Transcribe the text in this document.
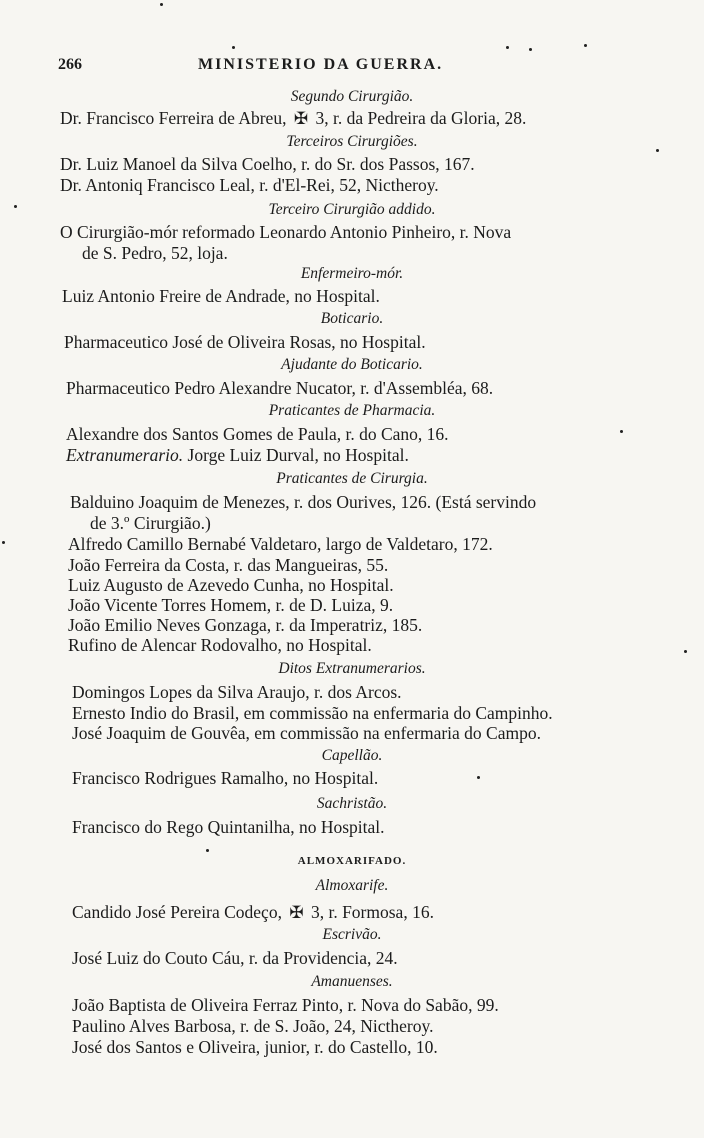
266	MINISTERIO DA GUERRA.
Segundo Cirurgião.
Dr. Francisco Ferreira de Abreu, ✠ 3, r. da Pedreira da Gloria, 28.
Terceiros Cirurgiões.
Dr. Luiz Manoel da Silva Coelho, r. do Sr. dos Passos, 167.
Dr. Antoniq Francisco Leal, r. d'El-Rei, 52, Nictheroy.
Terceiro Cirurgião addido.
O Cirurgião-mór reformado Leonardo Antonio Pinheiro, r. Nova
de S. Pedro, 52, loja.
Enfermeiro-mór.
Luiz Antonio Freire de Andrade, no Hospital.
Boticario.
Pharmaceutico José de Oliveira Rosas, no Hospital.
Ajudante do Boticario.
Pharmaceutico Pedro Alexandre Nucator, r. d'Assembléa, 68.
Praticantes de Pharmacia.
Alexandre dos Santos Gomes de Paula, r. do Cano, 16.
Extranumerario. Jorge Luiz Durval, no Hospital.
Praticantes de Cirurgia.
Balduino Joaquim de Menezes, r. dos Ourives, 126. (Está servindo
de 3.º Cirurgião.)
Alfredo Camillo Bernabé Valdetaro, largo de Valdetaro, 172.
João Ferreira da Costa, r. das Mangueiras, 55.
Luiz Augusto de Azevedo Cunha, no Hospital.
João Vicente Torres Homem, r. de D. Luiza, 9.
João Emilio Neves Gonzaga, r. da Imperatriz, 185.
Rufino de Alencar Rodovalho, no Hospital.
Ditos Extranumerarios.
Domingos Lopes da Silva Araujo, r. dos Arcos.
Ernesto Indio do Brasil, em commissão na enfermaria do Campinho.
José Joaquim de Gouvêa, em commissão na enfermaria do Campo.
Capellão.
Francisco Rodrigues Ramalho, no Hospital.
Sachristão.
Francisco do Rego Quintanilha, no Hospital.
ALMOXARIFADO.
Almoxarife.
Candido José Pereira Codeço, ✠ 3, r. Formosa, 16.
Escrivão.
José Luiz do Couto Cáu, r. da Providencia, 24.
Amanuenses.
João Baptista de Oliveira Ferraz Pinto, r. Nova do Sabão, 99.
Paulino Alves Barbosa, r. de S. João, 24, Nictheroy.
José dos Santos e Oliveira, junior, r. do Castello, 10.
